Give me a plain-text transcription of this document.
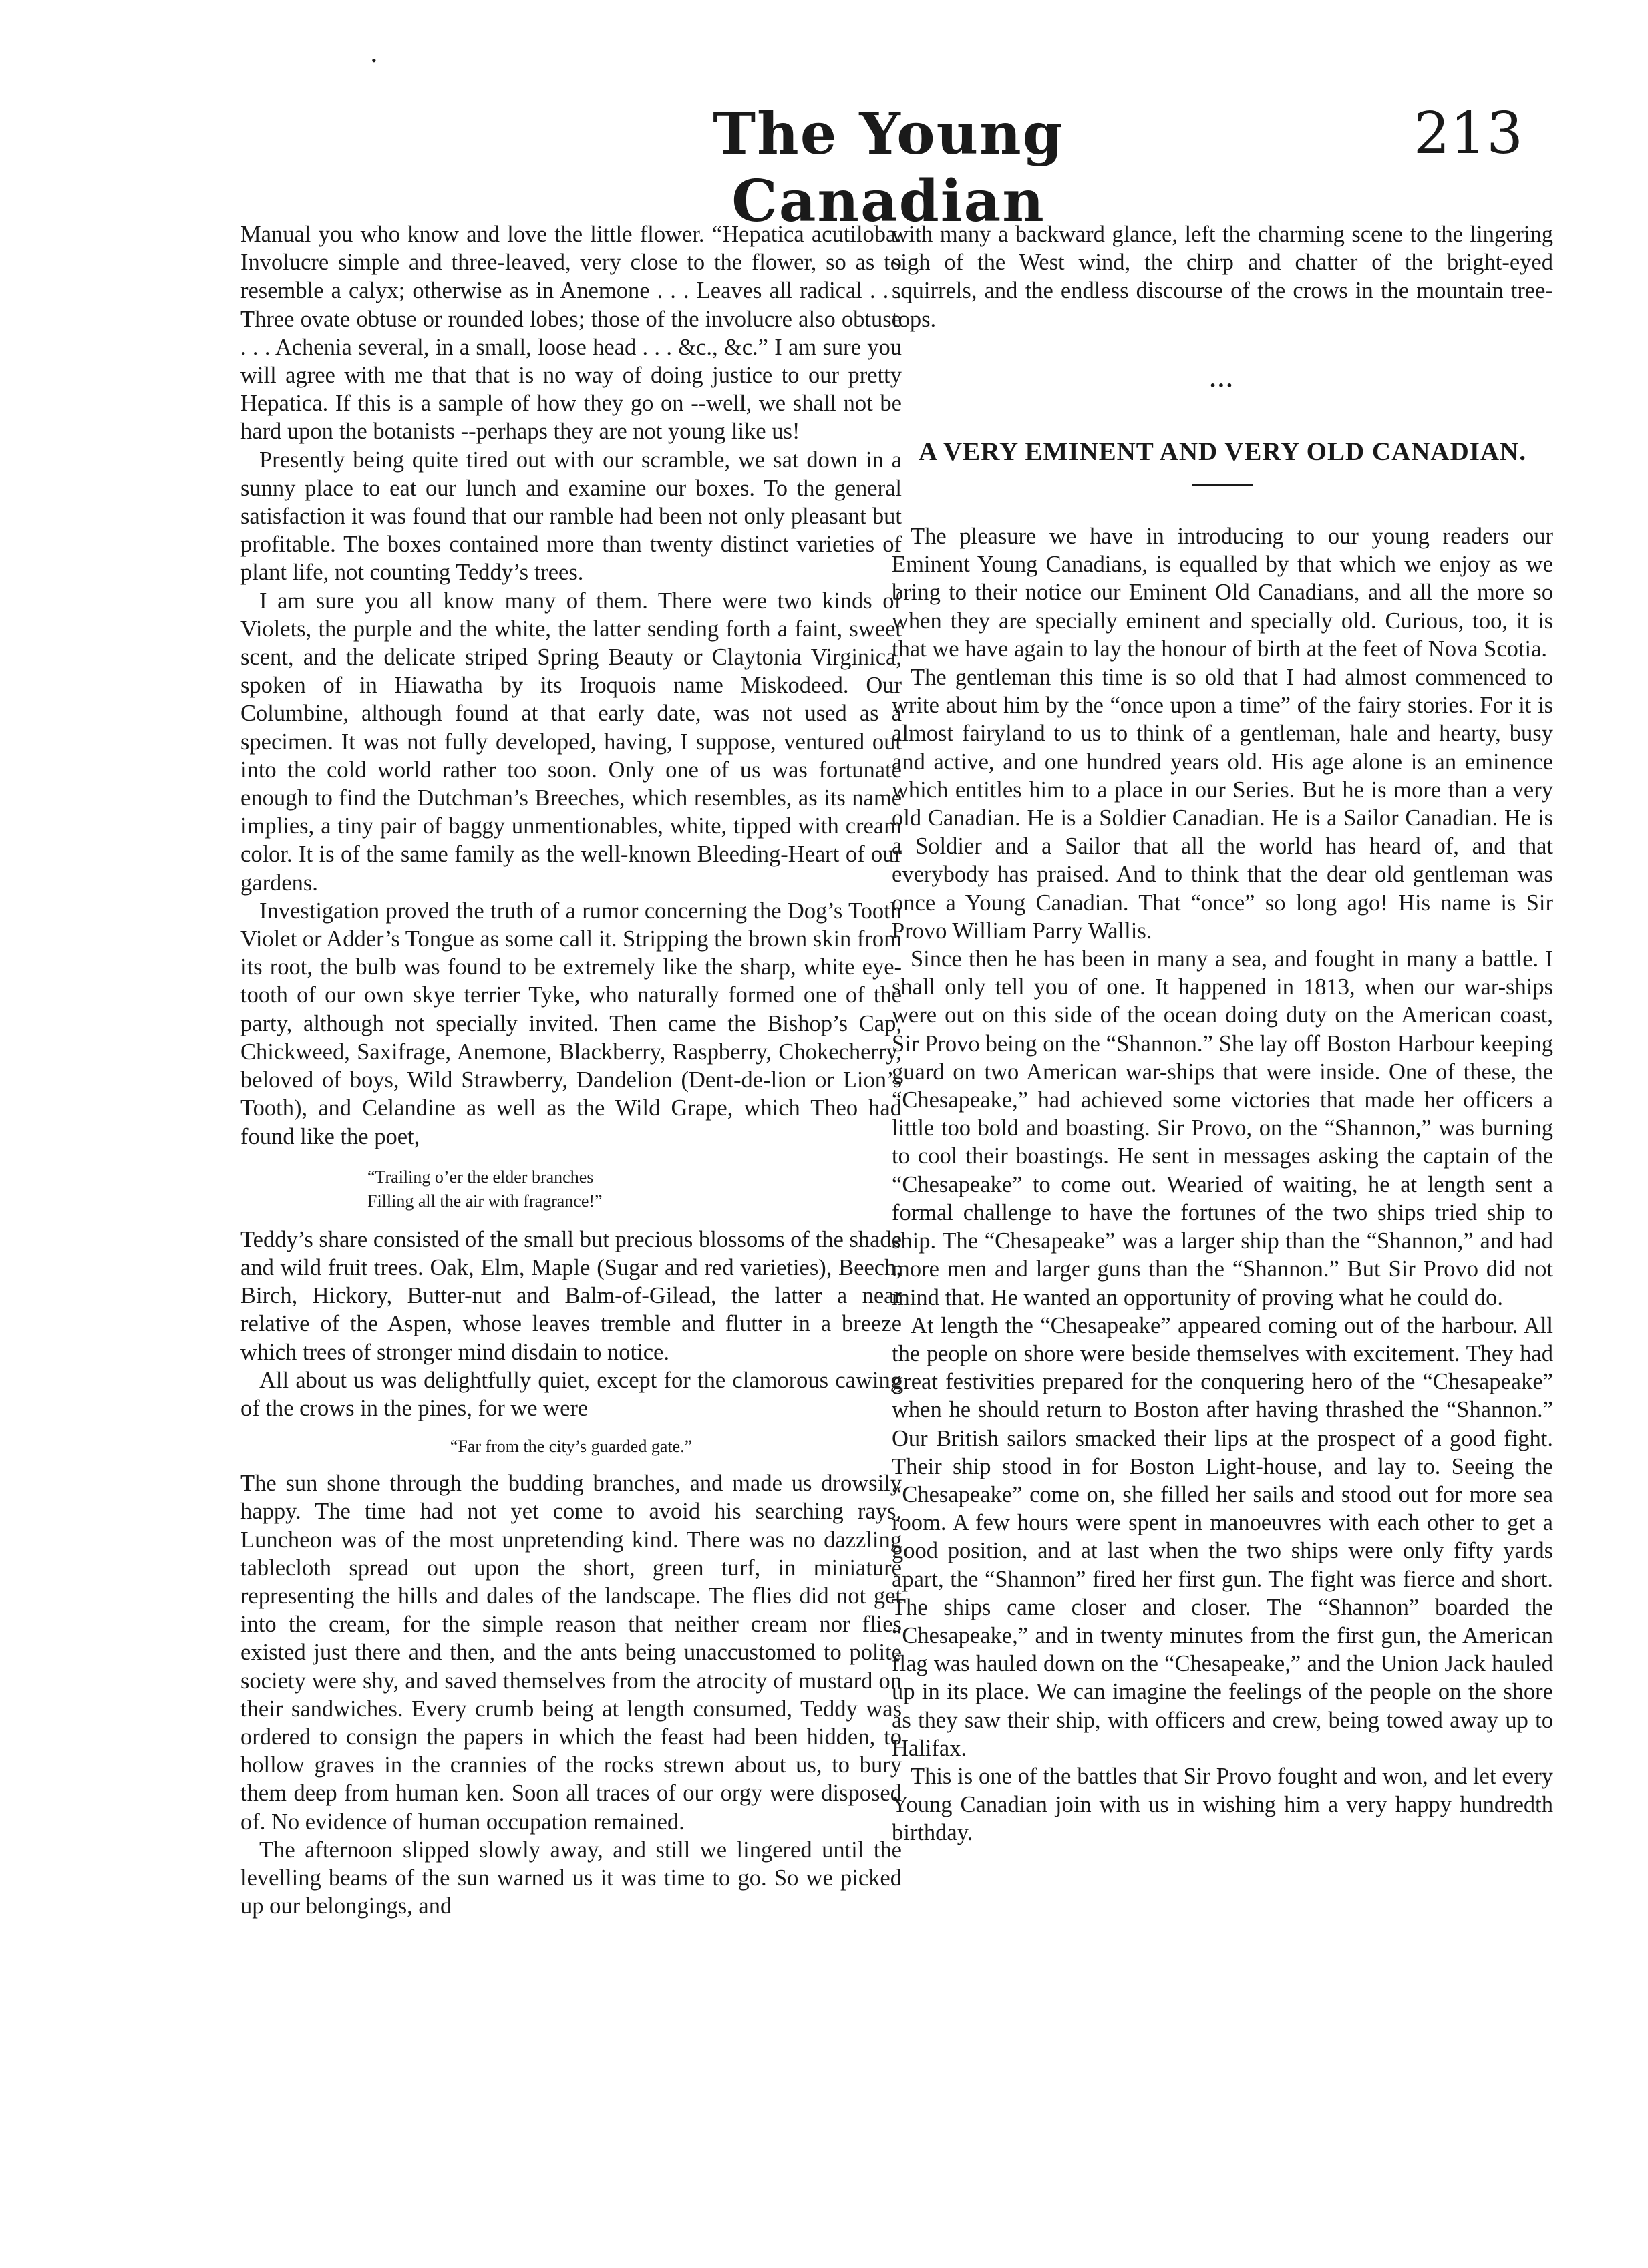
•
The Young Canadian
213

Manual you who know and love the little flower. “Hepatica acutiloba. Involucre simple and three-leaved, very close to the flower, so as to resemble a calyx; otherwise as in Anemone . . . Leaves all radical . . . Three ovate obtuse or rounded lobes; those of the involucre also obtuse . . . Achenia several, in a small, loose head . . . &c., &c.” I am sure you will agree with me that that is no way of doing justice to our pretty Hepatica. If this is a sample of how they go on --well, we shall not be hard upon the botanists --perhaps they are not young like us!

Presently being quite tired out with our scramble, we sat down in a sunny place to eat our lunch and examine our boxes. To the general satisfaction it was found that our ramble had been not only pleasant but profitable. The boxes contained more than twenty distinct varieties of plant life, not counting Teddy’s trees.

I am sure you all know many of them. There were two kinds of Violets, the purple and the white, the latter sending forth a faint, sweet scent, and the delicate striped Spring Beauty or Claytonia Virginica, spoken of in Hiawatha by its Iroquois name Miskodeed. Our Columbine, although found at that early date, was not used as a specimen. It was not fully developed, having, I suppose, ventured out into the cold world rather too soon. Only one of us was fortunate enough to find the Dutchman’s Breeches, which resembles, as its name implies, a tiny pair of baggy unmentionables, white, tipped with cream color. It is of the same family as the well-known Bleeding-Heart of our gardens.

Investigation proved the truth of a rumor concerning the Dog’s Tooth Violet or Adder’s Tongue as some call it. Stripping the brown skin from its root, the bulb was found to be extremely like the sharp, white eye-tooth of our own skye terrier Tyke, who naturally formed one of the party, although not specially invited. Then came the Bishop’s Cap, Chickweed, Saxifrage, Anemone, Blackberry, Raspberry, Chokecherry, beloved of boys, Wild Strawberry, Dandelion (Dent-de-lion or Lion’s Tooth), and Celandine as well as the Wild Grape, which Theo had found like the poet,

“Trailing o’er the elder branches
Filling all the air with fragrance!”

Teddy’s share consisted of the small but precious blossoms of the shade and wild fruit trees. Oak, Elm, Maple (Sugar and red varieties), Beech, Birch, Hickory, Butter-nut and Balm-of-Gilead, the latter a near relative of the Aspen, whose leaves tremble and flutter in a breeze which trees of stronger mind disdain to notice.

All about us was delightfully quiet, except for the clamorous cawing of the crows in the pines, for we were

“Far from the city’s guarded gate.”

The sun shone through the budding branches, and made us drowsily happy. The time had not yet come to avoid his searching rays. Luncheon was of the most unpretending kind. There was no dazzling tablecloth spread out upon the short, green turf, in miniature representing the hills and dales of the landscape. The flies did not get into the cream, for the simple reason that neither cream nor flies existed just there and then, and the ants being unaccustomed to polite society were shy, and saved themselves from the atrocity of mustard on their sandwiches. Every crumb being at length consumed, Teddy was ordered to consign the papers in which the feast had been hidden, to hollow graves in the crannies of the rocks strewn about us, to bury them deep from human ken. Soon all traces of our orgy were disposed of. No evidence of human occupation remained.

The afternoon slipped slowly away, and still we lingered until the levelling beams of the sun warned us it was time to go. So we picked up our belongings, and

with many a backward glance, left the charming scene to the lingering sigh of the West wind, the chirp and chatter of the bright-eyed squirrels, and the endless discourse of the crows in the mountain tree-tops.

•••
A VERY EMINENT AND VERY OLD CANADIAN.

The pleasure we have in introducing to our young readers our Eminent Young Canadians, is equalled by that which we enjoy as we bring to their notice our Eminent Old Canadians, and all the more so when they are specially eminent and specially old. Curious, too, it is that we have again to lay the honour of birth at the feet of Nova Scotia.

The gentleman this time is so old that I had almost commenced to write about him by the “once upon a time” of the fairy stories. For it is almost fairyland to us to think of a gentleman, hale and hearty, busy and active, and one hundred years old. His age alone is an eminence which entitles him to a place in our Series. But he is more than a very old Canadian. He is a Soldier Canadian. He is a Sailor Canadian. He is a Soldier and a Sailor that all the world has heard of, and that everybody has praised. And to think that the dear old gentleman was once a Young Canadian. That “once” so long ago! His name is Sir Provo William Parry Wallis.

Since then he has been in many a sea, and fought in many a battle. I shall only tell you of one. It happened in 1813, when our war-ships were out on this side of the ocean doing duty on the American coast, Sir Provo being on the “Shannon.” She lay off Boston Harbour keeping guard on two American war-ships that were inside. One of these, the “Chesapeake,” had achieved some victories that made her officers a little too bold and boasting. Sir Provo, on the “Shannon,” was burning to cool their boastings. He sent in messages asking the captain of the “Chesapeake” to come out. Wearied of waiting, he at length sent a formal challenge to have the fortunes of the two ships tried ship to ship. The “Chesapeake” was a larger ship than the “Shannon,” and had more men and larger guns than the “Shannon.” But Sir Provo did not mind that. He wanted an opportunity of proving what he could do.

At length the “Chesapeake” appeared coming out of the harbour. All the people on shore were beside themselves with excitement. They had great festivities prepared for the conquering hero of the “Chesapeake” when he should return to Boston after having thrashed the “Shannon.” Our British sailors smacked their lips at the prospect of a good fight. Their ship stood in for Boston Light-house, and lay to. Seeing the “Chesapeake” come on, she filled her sails and stood out for more sea room. A few hours were spent in manoeuvres with each other to get a good position, and at last when the two ships were only fifty yards apart, the “Shannon” fired her first gun. The fight was fierce and short. The ships came closer and closer. The “Shannon” boarded the “Chesapeake,” and in twenty minutes from the first gun, the American flag was hauled down on the “Chesapeake,” and the Union Jack hauled up in its place. We can imagine the feelings of the people on the shore as they saw their ship, with officers and crew, being towed away up to Halifax.

This is one of the battles that Sir Provo fought and won, and let every Young Canadian join with us in wishing him a very happy hundredth birthday.
